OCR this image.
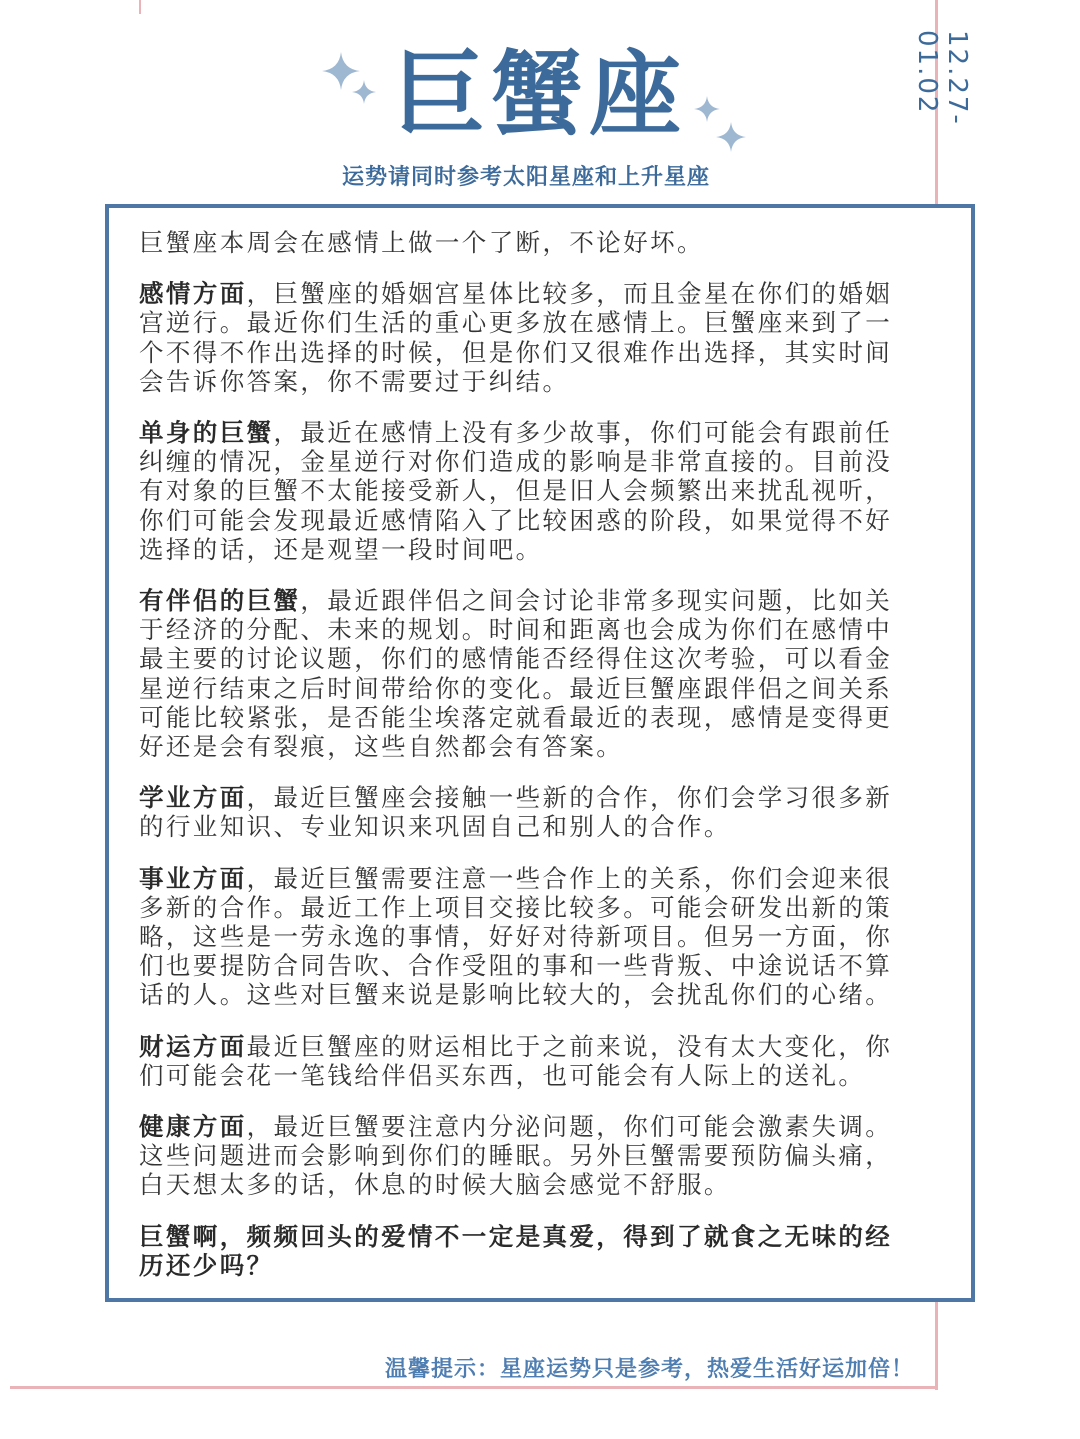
巨蟹座
运势请同时参考太阳星座和上升星座
12.27-01.02

巨蟹座本周会在感情上做一个了断，不论好坏。

感情方面，巨蟹座的婚姻宫星体比较多，而且金星在你们的婚姻宫逆行。最近你们生活的重心更多放在感情上。巨蟹座来到了一个不得不作出选择的时候，但是你们又很难作出选择，其实时间会告诉你答案，你不需要过于纠结。

单身的巨蟹，最近在感情上没有多少故事，你们可能会有跟前任纠缠的情况，金星逆行对你们造成的影响是非常直接的。目前没有对象的巨蟹不太能接受新人，但是旧人会频繁出来扰乱视听，你们可能会发现最近感情陷入了比较困惑的阶段，如果觉得不好选择的话，还是观望一段时间吧。

有伴侣的巨蟹，最近跟伴侣之间会讨论非常多现实问题，比如关于经济的分配、未来的规划。时间和距离也会成为你们在感情中最主要的讨论议题，你们的感情能否经得住这次考验，可以看金星逆行结束之后时间带给你的变化。最近巨蟹座跟伴侣之间关系可能比较紧张，是否能尘埃落定就看最近的表现，感情是变得更好还是会有裂痕，这些自然都会有答案。

学业方面，最近巨蟹座会接触一些新的合作，你们会学习很多新的行业知识、专业知识来巩固自己和别人的合作。

事业方面，最近巨蟹需要注意一些合作上的关系，你们会迎来很多新的合作。最近工作上项目交接比较多。可能会研发出新的策略，这些是一劳永逸的事情，好好对待新项目。但另一方面，你们也要提防合同告吹、合作受阻的事和一些背叛、中途说话不算话的人。这些对巨蟹来说是影响比较大的，会扰乱你们的心绪。

财运方面最近巨蟹座的财运相比于之前来说，没有太大变化，你们可能会花一笔钱给伴侣买东西，也可能会有人际上的送礼。

健康方面，最近巨蟹要注意内分泌问题，你们可能会激素失调。这些问题进而会影响到你们的睡眠。另外巨蟹需要预防偏头痛，白天想太多的话，休息的时候大脑会感觉不舒服。

巨蟹啊，频频回头的爱情不一定是真爱，得到了就食之无味的经历还少吗？

温馨提示：星座运势只是参考，热爱生活好运加倍！
